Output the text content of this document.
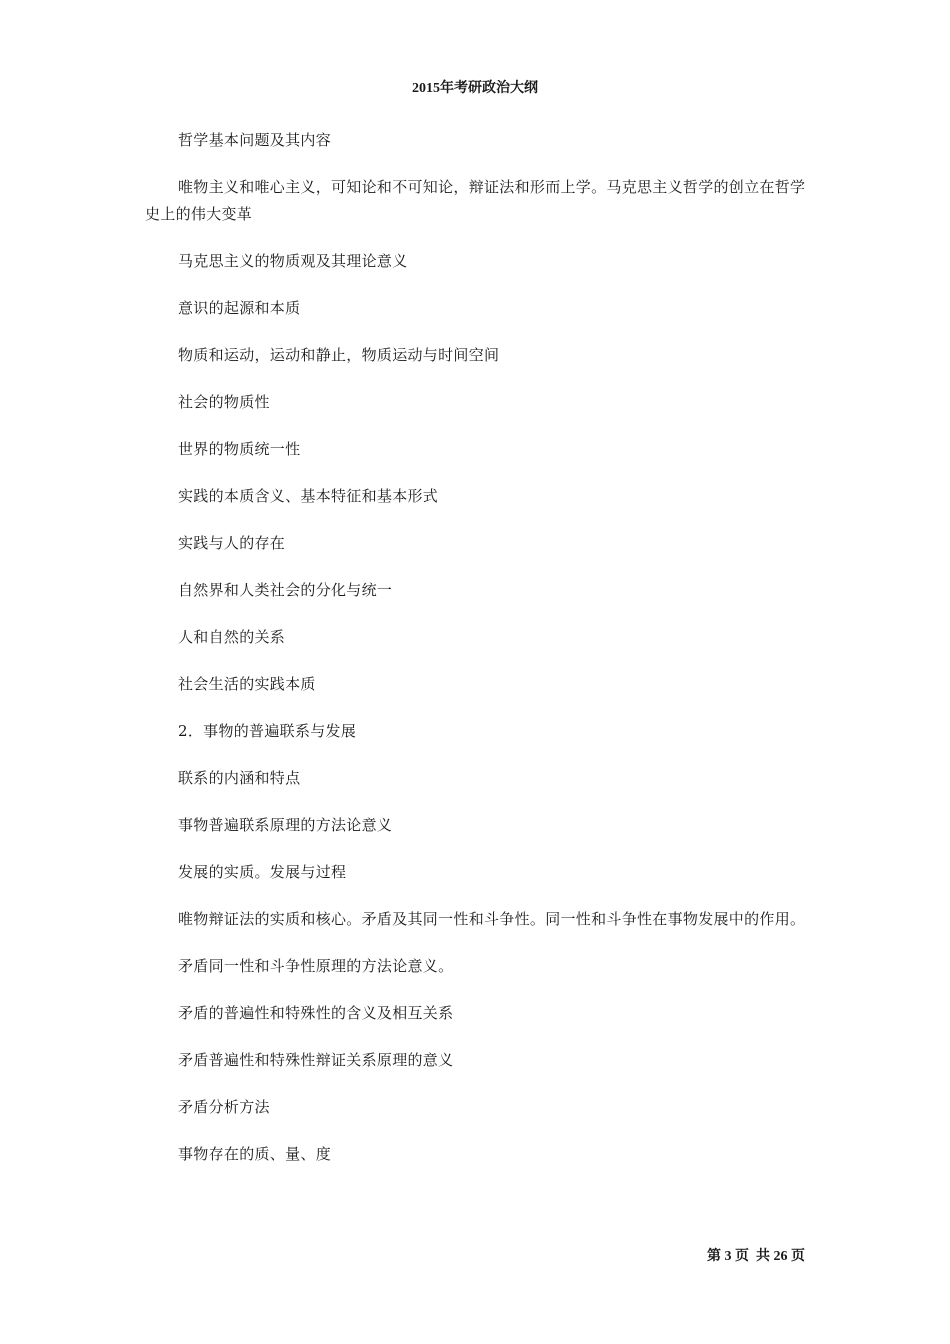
2015年考研政治大纲

哲学基本问题及其内容

唯物主义和唯心主义，可知论和不可知论，辩证法和形而上学。马克思主义哲学的创立在哲学史上的伟大变革

马克思主义的物质观及其理论意义

意识的起源和本质

物质和运动，运动和静止，物质运动与时间空间

社会的物质性

世界的物质统一性

实践的本质含义、基本特征和基本形式

实践与人的存在

自然界和人类社会的分化与统一

人和自然的关系

社会生活的实践本质

2．事物的普遍联系与发展

联系的内涵和特点

事物普遍联系原理的方法论意义

发展的实质。发展与过程

唯物辩证法的实质和核心。矛盾及其同一性和斗争性。同一性和斗争性在事物发展中的作用。

矛盾同一性和斗争性原理的方法论意义。

矛盾的普遍性和特殊性的含义及相互关系

矛盾普遍性和特殊性辩证关系原理的意义

矛盾分析方法

事物存在的质、量、度

第 3 页  共 26 页
